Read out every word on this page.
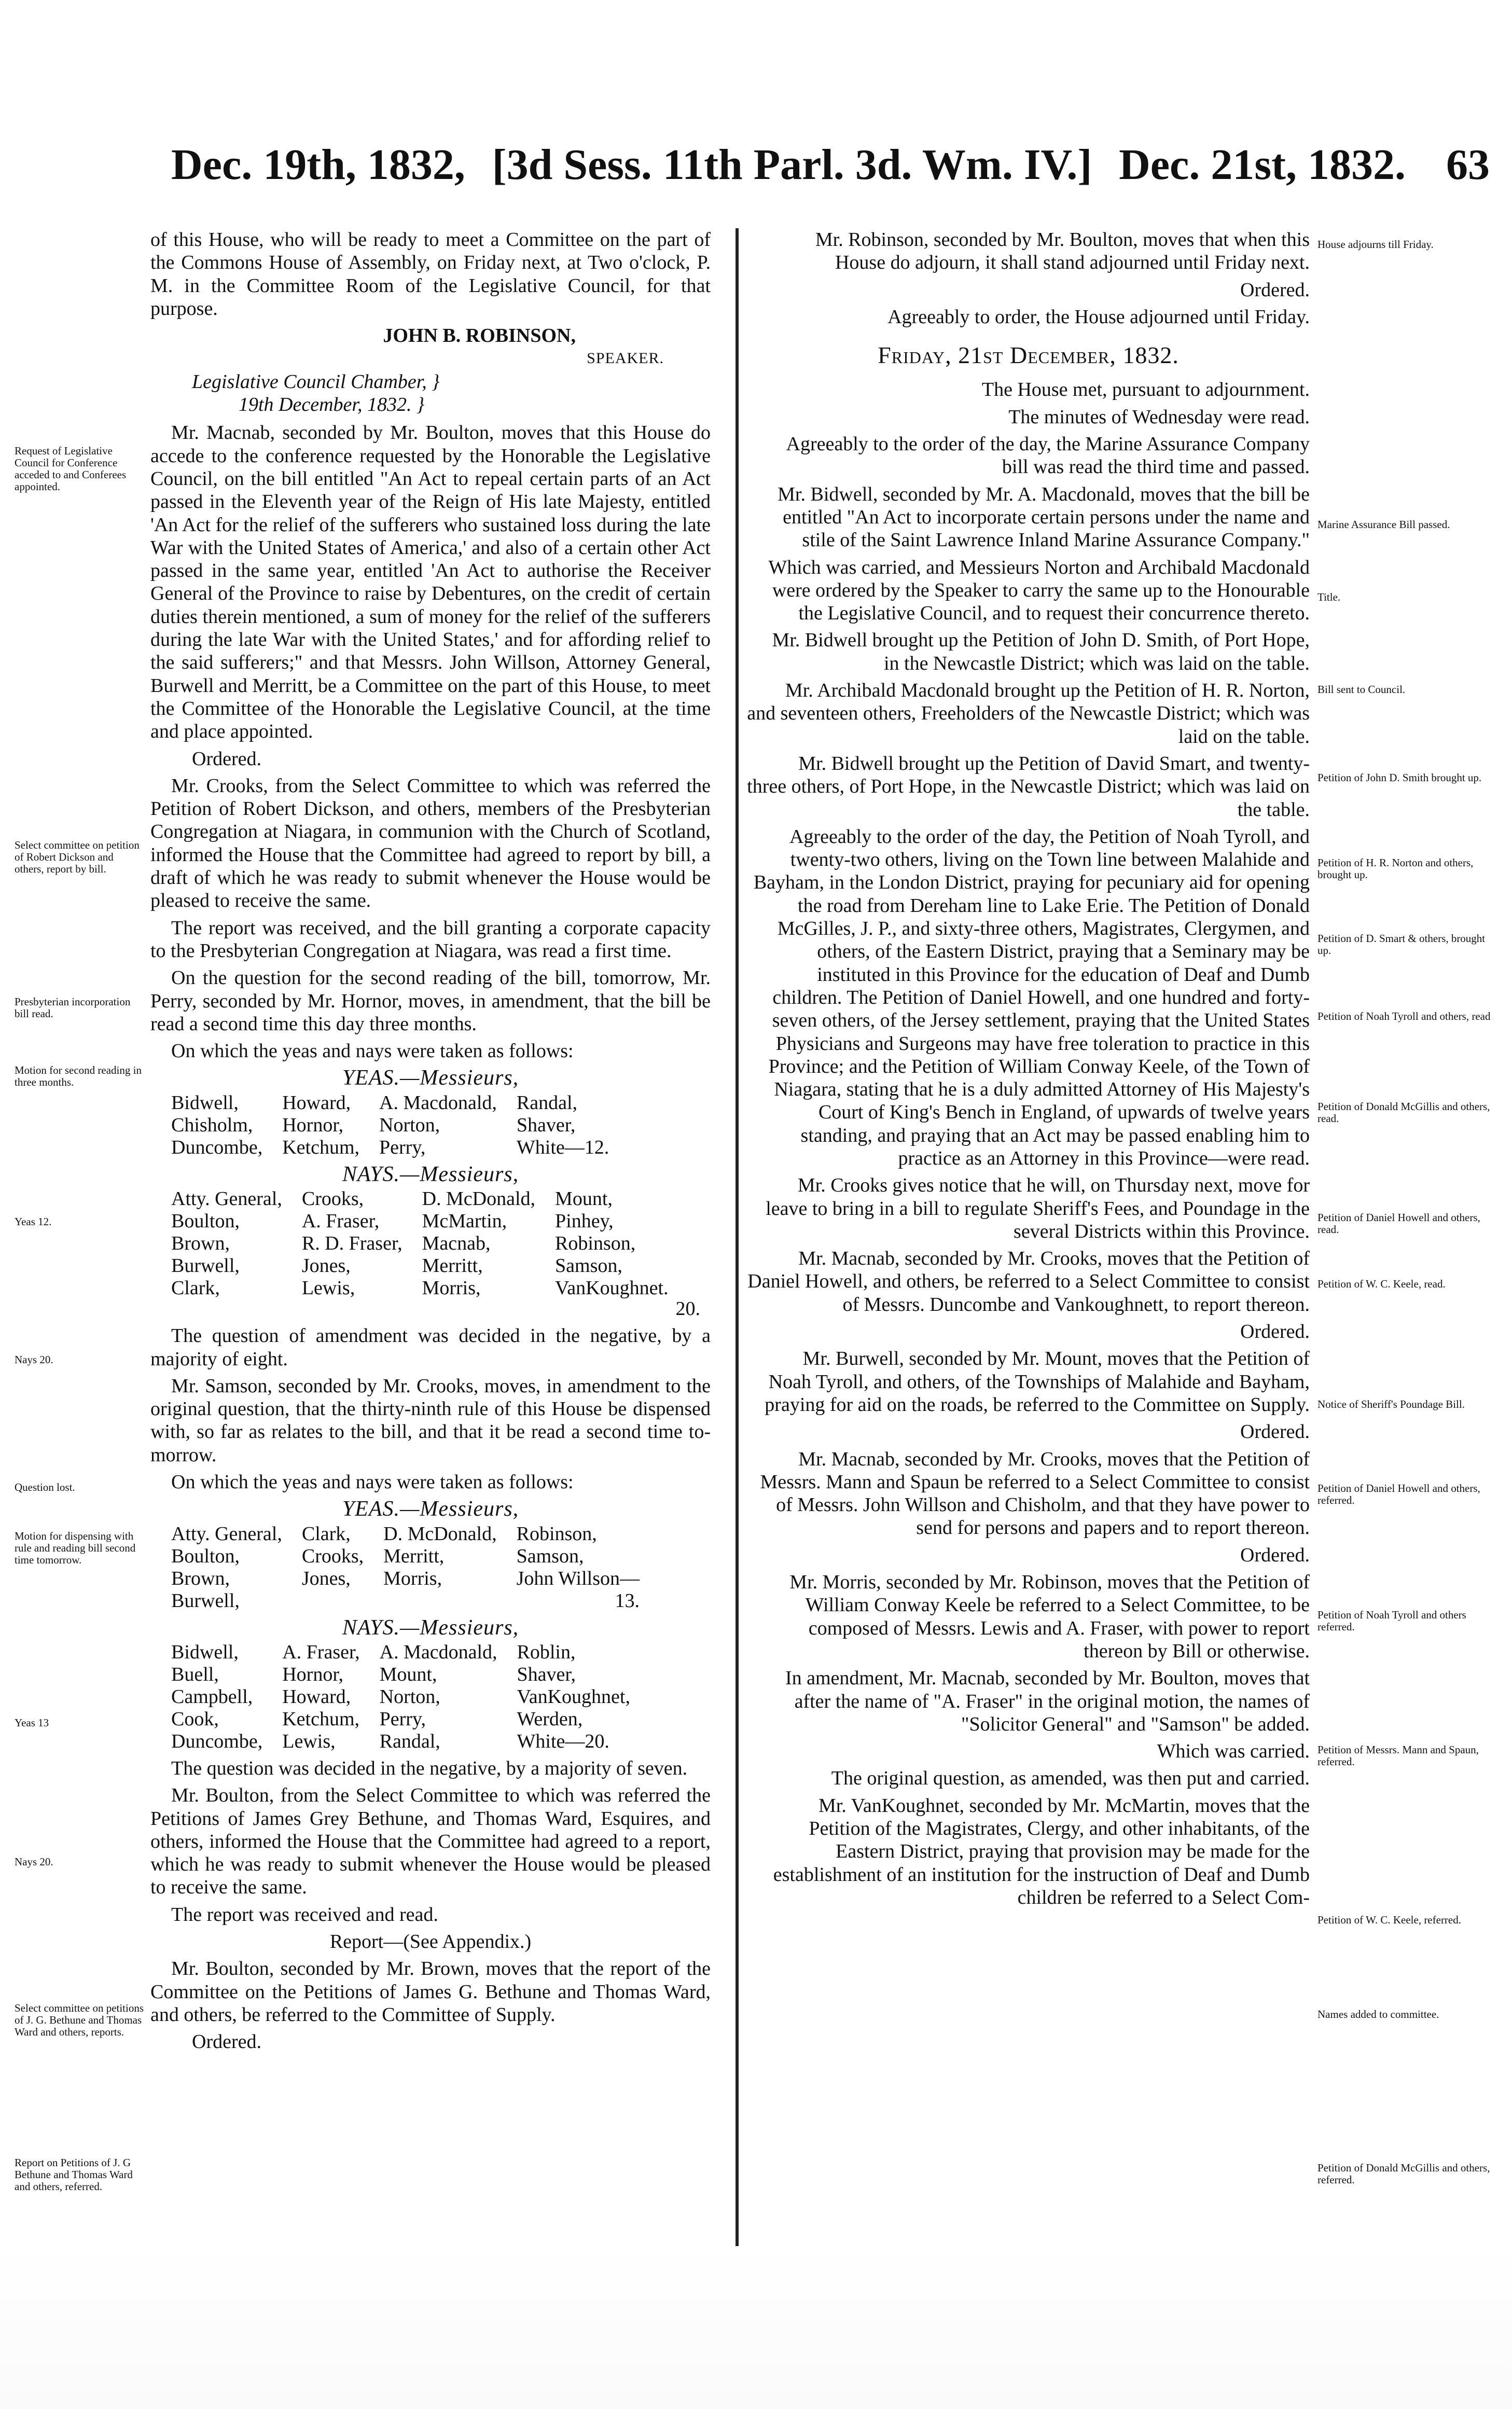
Dec. 19th, 1832, [3d Sess. 11th Parl. 3d. Wm. IV.] Dec. 21st, 1832. 63
Request of Legislative Council for Conference acceded to and Conferees appointed.
Select committee on petition of Robert Dickson and others, report by bill.
Presbyterian incorporation bill read.
Motion for second reading in three months.
Yeas 12.
Nays 20.
Question lost.
Motion for dispensing with rule and reading bill second time tomorrow.
Yeas 13
Nays 20.
Select committee on petitions of J. G. Bethune and Thomas Ward and others, reports.
Report on Petitions of J. G Bethune and Thomas Ward and others, referred.
House adjourns till Friday.
Marine Assurance Bill passed.
Title.
Bill sent to Council.
Petition of John D. Smith brought up.
Petition of H. R. Norton and others, brought up.
Petition of D. Smart & others, brought up.
Petition of Noah Tyroll and others, read
Petition of Donald McGillis and others, read.
Petition of Daniel Howell and others, read.
Petition of W. C. Keele, read.
Notice of Sheriff's Poundage Bill.
Petition of Daniel Howell and others, referred.
Petition of Noah Tyroll and others referred.
Petition of Messrs. Mann and Spaun, referred.
Petition of W. C. Keele, referred.
Names added to committee.
Petition of Donald McGillis and others, referred.

of this House, who will be ready to meet a Committee on the part of the Commons House of Assembly, on Friday next, at Two o'clock, P. M. in the Committee Room of the Legislative Council, for that purpose.

JOHN B. ROBINSON,
SPEAKER.
Legislative Council Chamber, }
19th December, 1832. }

Mr. Macnab, seconded by Mr. Boulton, moves that this House do accede to the conference requested by the Honorable the Legislative Council, on the bill entitled "An Act to repeal certain parts of an Act passed in the Eleventh year of the Reign of His late Majesty, entitled 'An Act for the relief of the sufferers who sustained loss during the late War with the United States of America,' and also of a certain other Act passed in the same year, entitled 'An Act to authorise the Receiver General of the Province to raise by Debentures, on the credit of certain duties therein mentioned, a sum of money for the relief of the sufferers during the late War with the United States,' and for affording relief to the said sufferers;" and that Messrs. John Willson, Attorney General, Burwell and Merritt, be a Committee on the part of this House, to meet the Committee of the Honorable the Legislative Council, at the time and place appointed.

Ordered.

Mr. Crooks, from the Select Committee to which was referred the Petition of Robert Dickson, and others, members of the Presbyterian Congregation at Niagara, in communion with the Church of Scotland, informed the House that the Committee had agreed to report by bill, a draft of which he was ready to submit whenever the House would be pleased to receive the same.

The report was received, and the bill granting a corporate capacity to the Presbyterian Congregation at Niagara, was read a first time.

On the question for the second reading of the bill, tomorrow, Mr. Perry, seconded by Mr. Hornor, moves, in amendment, that the bill be read a second time this day three months.

On which the yeas and nays were taken as follows:

YEAS.—Messieurs,
Bidwell,	Howard,	A. Macdonald,	Randal,
Chisholm,	Hornor,	Norton,	Shaver,
Duncombe,	Ketchum,	Perry,	White—12.
NAYS.—Messieurs,
Atty. General,	Crooks,	D. McDonald,	Mount,
Boulton,	A. Fraser,	McMartin,	Pinhey,
Brown,	R. D. Fraser,	Macnab,	Robinson,
Burwell,	Jones,	Merritt,	Samson,
Clark,	Lewis,	Morris,	VanKoughnet.
20.

The question of amendment was decided in the negative, by a majority of eight.

Mr. Samson, seconded by Mr. Crooks, moves, in amendment to the original question, that the thirty-ninth rule of this House be dispensed with, so far as relates to the bill, and that it be read a second time to-morrow.

On which the yeas and nays were taken as follows:

YEAS.—Messieurs,
Atty. General,	Clark,	D. McDonald,	Robinson,
Boulton,	Crooks,	Merritt,	Samson,
Brown,	Jones,	Morris,	John Willson—
Burwell,			13.
NAYS.—Messieurs,
Bidwell,	A. Fraser,	A. Macdonald,	Roblin,
Buell,	Hornor,	Mount,	Shaver,
Campbell,	Howard,	Norton,	VanKoughnet,
Cook,	Ketchum,	Perry,	Werden,
Duncombe,	Lewis,	Randal,	White—20.

The question was decided in the negative, by a majority of seven.

Mr. Boulton, from the Select Committee to which was referred the Petitions of James Grey Bethune, and Thomas Ward, Esquires, and others, informed the House that the Committee had agreed to a report, which he was ready to submit whenever the House would be pleased to receive the same.

The report was received and read.

Report—(See Appendix.)

Mr. Boulton, seconded by Mr. Brown, moves that the report of the Committee on the Petitions of James G. Bethune and Thomas Ward, and others, be referred to the Committee of Supply.

Ordered.

Mr. Robinson, seconded by Mr. Boulton, moves that when this House do adjourn, it shall stand adjourned until Friday next.

Ordered.

Agreeably to order, the House adjourned until Friday.

Friday, 21st December, 1832.

The House met, pursuant to adjournment.

The minutes of Wednesday were read.

Agreeably to the order of the day, the Marine Assurance Company bill was read the third time and passed.

Mr. Bidwell, seconded by Mr. A. Macdonald, moves that the bill be entitled "An Act to incorporate certain persons under the name and stile of the Saint Lawrence Inland Marine Assurance Company."

Which was carried, and Messieurs Norton and Archibald Macdonald were ordered by the Speaker to carry the same up to the Honourable the Legislative Council, and to request their concurrence thereto.

Mr. Bidwell brought up the Petition of John D. Smith, of Port Hope, in the Newcastle District; which was laid on the table.

Mr. Archibald Macdonald brought up the Petition of H. R. Norton, and seventeen others, Freeholders of the Newcastle District; which was laid on the table.

Mr. Bidwell brought up the Petition of David Smart, and twenty-three others, of Port Hope, in the Newcastle District; which was laid on the table.

Agreeably to the order of the day, the Petition of Noah Tyroll, and twenty-two others, living on the Town line between Malahide and Bayham, in the London District, praying for pecuniary aid for opening the road from Dereham line to Lake Erie. The Petition of Donald McGilles, J. P., and sixty-three others, Magistrates, Clergymen, and others, of the Eastern District, praying that a Seminary may be instituted in this Province for the education of Deaf and Dumb children. The Petition of Daniel Howell, and one hundred and forty-seven others, of the Jersey settlement, praying that the United States Physicians and Surgeons may have free toleration to practice in this Province; and the Petition of William Conway Keele, of the Town of Niagara, stating that he is a duly admitted Attorney of His Majesty's Court of King's Bench in England, of upwards of twelve years standing, and praying that an Act may be passed enabling him to practice as an Attorney in this Province—were read.

Mr. Crooks gives notice that he will, on Thursday next, move for leave to bring in a bill to regulate Sheriff's Fees, and Poundage in the several Districts within this Province.

Mr. Macnab, seconded by Mr. Crooks, moves that the Petition of Daniel Howell, and others, be referred to a Select Committee to consist of Messrs. Duncombe and Vankoughnett, to report thereon.

Ordered.

Mr. Burwell, seconded by Mr. Mount, moves that the Petition of Noah Tyroll, and others, of the Townships of Malahide and Bayham, praying for aid on the roads, be referred to the Committee on Supply.

Ordered.

Mr. Macnab, seconded by Mr. Crooks, moves that the Petition of Messrs. Mann and Spaun be referred to a Select Committee to consist of Messrs. John Willson and Chisholm, and that they have power to send for persons and papers and to report thereon.

Ordered.

Mr. Morris, seconded by Mr. Robinson, moves that the Petition of William Conway Keele be referred to a Select Committee, to be composed of Messrs. Lewis and A. Fraser, with power to report thereon by Bill or otherwise.

In amendment, Mr. Macnab, seconded by Mr. Boulton, moves that after the name of "A. Fraser" in the original motion, the names of "Solicitor General" and "Samson" be added.

Which was carried.

The original question, as amended, was then put and carried.

Mr. VanKoughnet, seconded by Mr. McMartin, moves that the Petition of the Magistrates, Clergy, and other inhabitants, of the Eastern District, praying that provision may be made for the establishment of an institution for the instruction of Deaf and Dumb children be referred to a Select Com-
